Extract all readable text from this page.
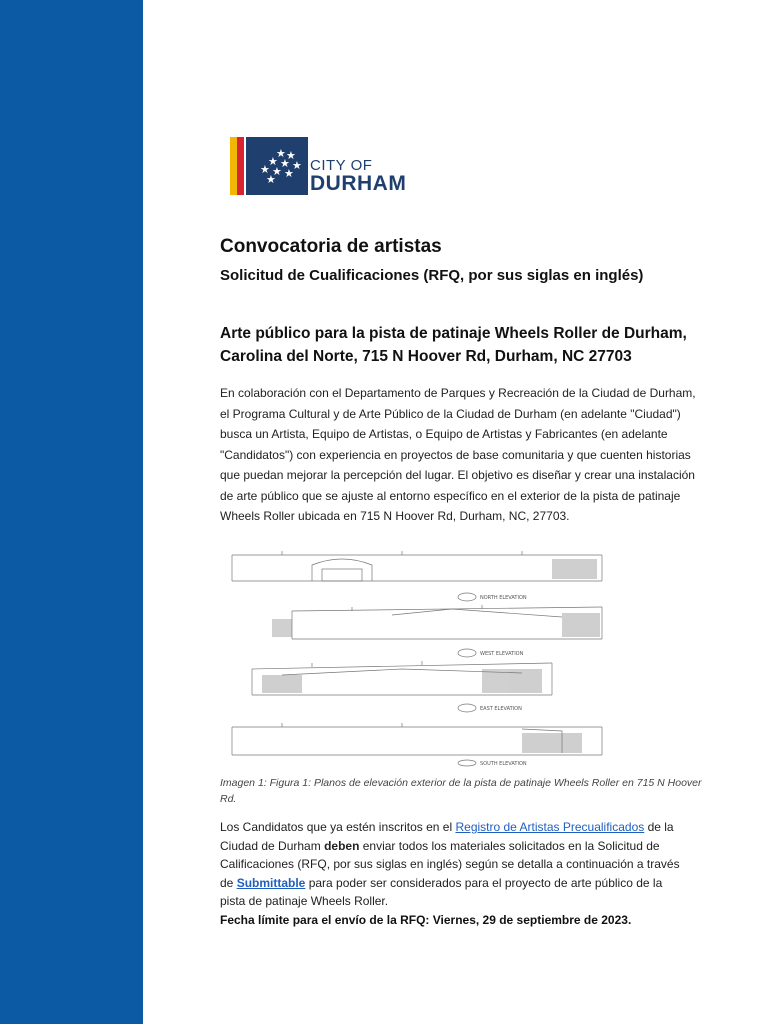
★ ★
★ ★ ★
★ ★ ★
★
CITY OF
DURHAM
Convocatoria de artistas
Solicitud de Cualificaciones (RFQ, por sus siglas en inglés)
Arte público para la pista de patinaje Wheels Roller de Durham, Carolina del Norte, 715 N Hoover Rd, Durham, NC 27703
En colaboración con el Departamento de Parques y Recreación de la Ciudad de Durham, el Programa Cultural y de Arte Público de la Ciudad de Durham (en adelante "Ciudad") busca un Artista, Equipo de Artistas, o Equipo de Artistas y Fabricantes (en adelante "Candidatos") con experiencia en proyectos de base comunitaria y que cuenten historias que puedan mejorar la percepción del lugar. El objetivo es diseñar y crear una instalación de arte público que se ajuste al entorno específico en el exterior de la pista de patinaje Wheels Roller ubicada en 715 N Hoover Rd, Durham, NC, 27703.
NORTH ELEVATION
WEST ELEVATION
EAST ELEVATION
SOUTH ELEVATION
Imagen 1: Figura 1: Planos de elevación exterior de la pista de patinaje Wheels Roller en 715 N Hoover Rd.
Los Candidatos que ya estén inscritos en el Registro de Artistas Precualificados de la Ciudad de Durham deben enviar todos los materiales solicitados en la Solicitud de Calificaciones (RFQ, por sus siglas en inglés) según se detalla a continuación a través de Submittable para poder ser considerados para el proyecto de arte público de la pista de patinaje Wheels Roller.
Fecha límite para el envío de la RFQ: Viernes, 29 de septiembre de 2023.
